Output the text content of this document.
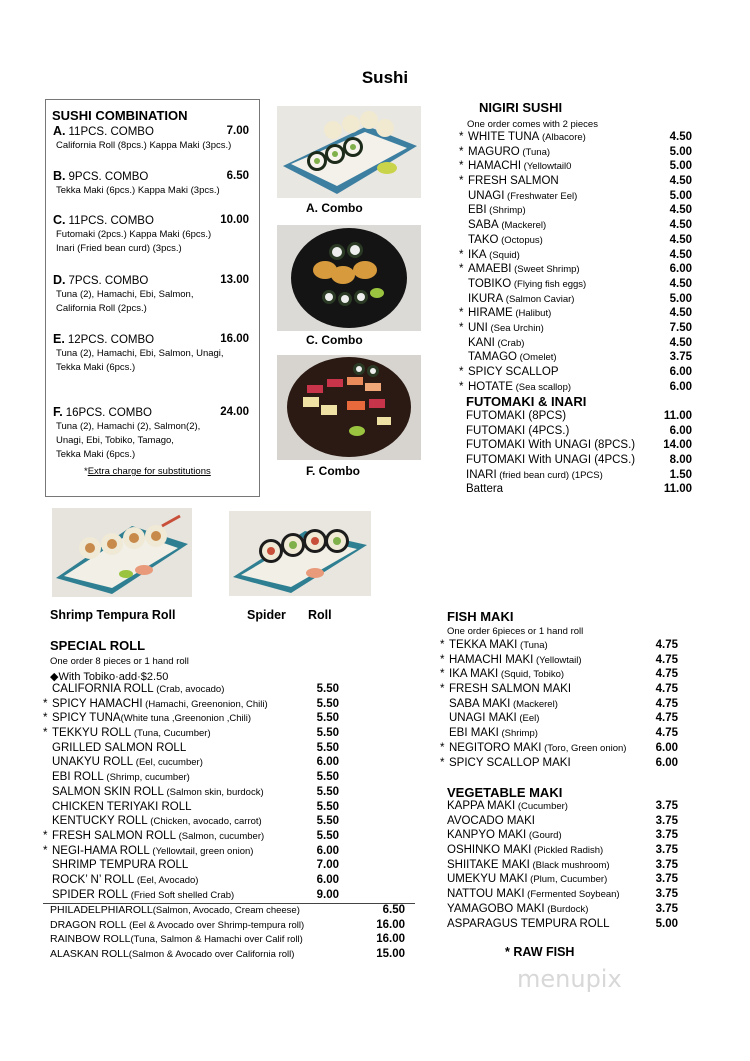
Sushi
SUSHI COMBINATION
A. 11PCS. COMBO	7.00
California Roll (8pcs.) Kappa Maki (3pcs.)
B. 9PCS. COMBO	6.50
Tekka Maki (6pcs.) Kappa Maki (3pcs.)
C. 11PCS. COMBO	10.00
Futomaki (2pcs.) Kappa Maki (6pcs.)
Inari (Fried bean curd) (3pcs.)
D. 7PCS. COMBO	13.00
Tuna (2), Hamachi, Ebi, Salmon,
California Roll (2pcs.)
E. 12PCS. COMBO	16.00
Tuna (2), Hamachi, Ebi, Salmon, Unagi,
Tekka Maki (6pcs.)
F. 16PCS. COMBO	24.00
Tuna (2), Hamachi (2), Salmon(2),
Unagi, Ebi, Tobiko, Tamago,
Tekka Maki (6pcs.)
*Extra charge for substitutions
A. Combo
C. Combo
F. Combo
Shrimp Tempura Roll	Spider Roll
NIGIRI SUSHI
One order comes with 2 pieces
* WHITE TUNA (Albacore)	4.50
* MAGURO (Tuna)	5.00
* HAMACHI (Yellowtail0	5.00
* FRESH SALMON	4.50
UNAGI (Freshwater Eel)	5.00
EBI (Shrimp)	4.50
SABA (Mackerel)	4.50
TAKO (Octopus)	4.50
* IKA (Squid)	4.50
* AMAEBI (Sweet Shrimp)	6.00
TOBIKO (Flying fish eggs)	4.50
IKURA (Salmon Caviar)	5.00
* HIRAME (Halibut)	4.50
* UNI (Sea Urchin)	7.50
KANI (Crab)	4.50
TAMAGO (Omelet)	3.75
* SPICY SCALLOP	6.00
* HOTATE (Sea scallop)	6.00
FUTOMAKI & INARI
FUTOMAKI (8PCS)	11.00
FUTOMAKI (4PCS.)	6.00
FUTOMAKI With UNAGI (8PCS.) 14.00
FUTOMAKI With UNAGI (4PCS.)	8.00
INARI (fried bean curd) (1PCS)	1.50
Battera	11.00
SPECIAL ROLL
One order 8 pieces or 1 hand roll
◆With Tobiko·add·$2.50
CALIFORNIA ROLL (Crab, avocado)	5.50
* SPICY HAMACHI (Hamachi, Greenonion, Chili)	5.50
* SPICY TUNA(White tuna ,Greenonion ,Chili)	5.50
* TEKKYU ROLL (Tuna, Cucumber)	5.50
GRILLED SALMON ROLL	5.50
UNAKYU ROLL (Eel, cucumber)	6.00
EBI ROLL (Shrimp, cucumber)	5.50
SALMON SKIN ROLL (Salmon skin, burdock)	5.50
CHICKEN TERIYAKI ROLL	5.50
KENTUCKY ROLL (Chicken, avocado, carrot)	5.50
* FRESH SALMON ROLL (Salmon, cucumber)	5.50
* NEGI-HAMA ROLL (Yellowtail, green onion)	6.00
SHRIMP TEMPURA ROLL	7.00
ROCK’ N’ ROLL (Eel, Avocado)	6.00
SPIDER ROLL (Fried Soft shelled Crab)	9.00
PHILADELPHIAROLL(Salmon, Avocado, Cream cheese)	6.50
DRAGON ROLL (Eel & Avocado over Shrimp-tempura roll)	16.00
RAINBOW ROLL(Tuna, Salmon & Hamachi over Calif roll)	16.00
ALASKAN ROLL(Salmon & Avocado over California roll)	15.00
FISH MAKI
One order 6pieces or 1 hand roll
* TEKKA MAKI (Tuna)	4.75
* HAMACHI MAKI (Yellowtail)	4.75
* IKA MAKI (Squid, Tobiko)	4.75
* FRESH SALMON MAKI	4.75
SABA MAKI (Mackerel)	4.75
UNAGI MAKI (Eel)	4.75
EBI MAKI (Shrimp)	4.75
* NEGITORO MAKI (Toro, Green onion)	6.00
* SPICY SCALLOP MAKI	6.00
VEGETABLE MAKI
KAPPA MAKI (Cucumber)	3.75
AVOCADO MAKI	3.75
KANPYO MAKI (Gourd)	3.75
OSHINKO MAKI (Pickled Radish)	3.75
SHIITAKE MAKI (Black mushroom)	3.75
UMEKYU MAKI (Plum, Cucumber)	3.75
NATTOU MAKI (Fermented Soybean)	3.75
YAMAGOBO MAKI (Burdock)	3.75
ASPARAGUS TEMPURA ROLL	5.00
* RAW FISH
menupix
